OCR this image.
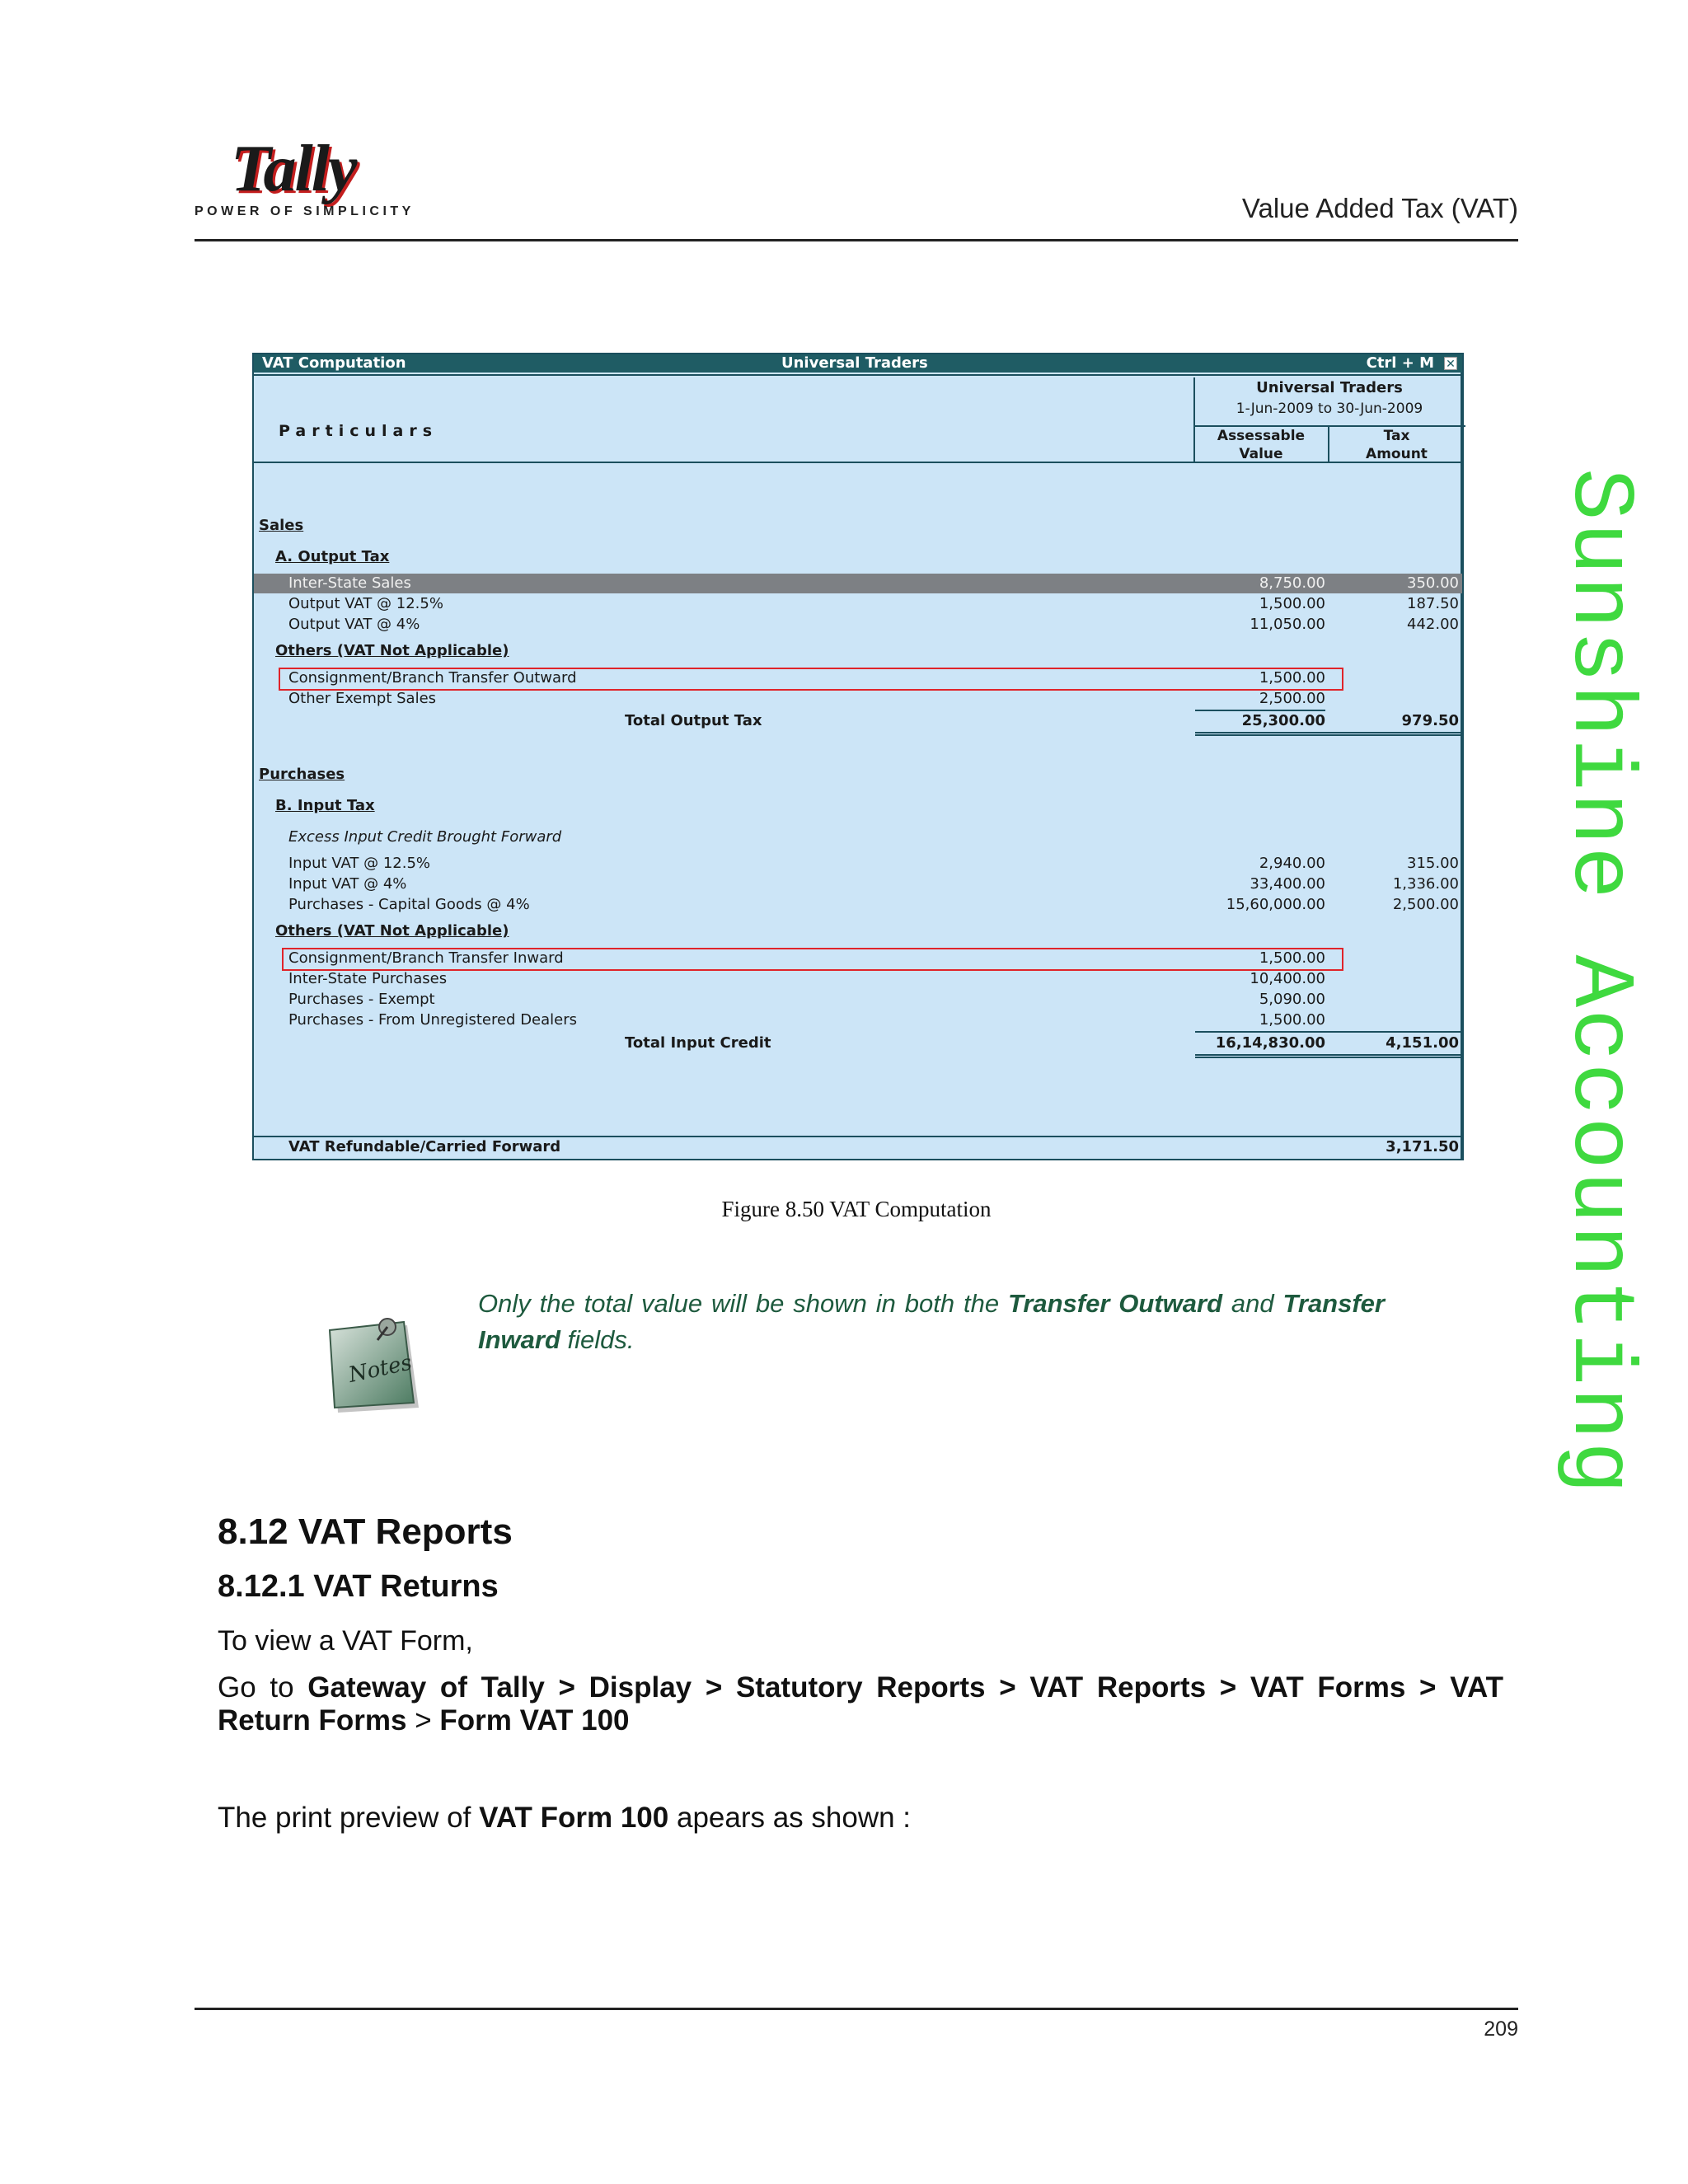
Tally
POWER OF SIMPLICITY	Value Added Tax (VAT)
Sunshine Accounting
VAT Computation	Universal Traders	Ctrl + M ✕
Particulars
Universal Traders
1-Jun-2009 to 30-Jun-2009
Assessable
Value
Tax
Amount
Sales
A. Output Tax
Inter-State Sales	8,750.00	350.00
Output VAT @ 12.5%	1,500.00	187.50
Output VAT @ 4%	11,050.00	442.00
Others (VAT Not Applicable)
Consignment/Branch Transfer Outward	1,500.00
Other Exempt Sales	2,500.00
Total Output Tax	25,300.00	979.50
Purchases
B. Input Tax
Excess Input Credit Brought Forward
Input VAT @ 12.5%	2,940.00	315.00
Input VAT @ 4%	33,400.00	1,336.00
Purchases - Capital Goods @ 4%	15,60,000.00	2,500.00
Others (VAT Not Applicable)
Consignment/Branch Transfer Inward	1,500.00
Inter-State Purchases	10,400.00
Purchases - Exempt	5,090.00
Purchases - From Unregistered Dealers	1,500.00
Total Input Credit	16,14,830.00	4,151.00
VAT Refundable/Carried Forward	3,171.50
Figure 8.50 VAT Computation
Notes
Only the total value will be shown in both the Transfer Outward and Transfer Inward fields.
8.12 VAT Reports
8.12.1 VAT Returns
To view a VAT Form,
Go to Gateway of Tally > Display > Statutory Reports > VAT Reports > VAT Forms > VAT Return Forms > Form VAT 100
The print preview of VAT Form 100 apears as shown :
209
